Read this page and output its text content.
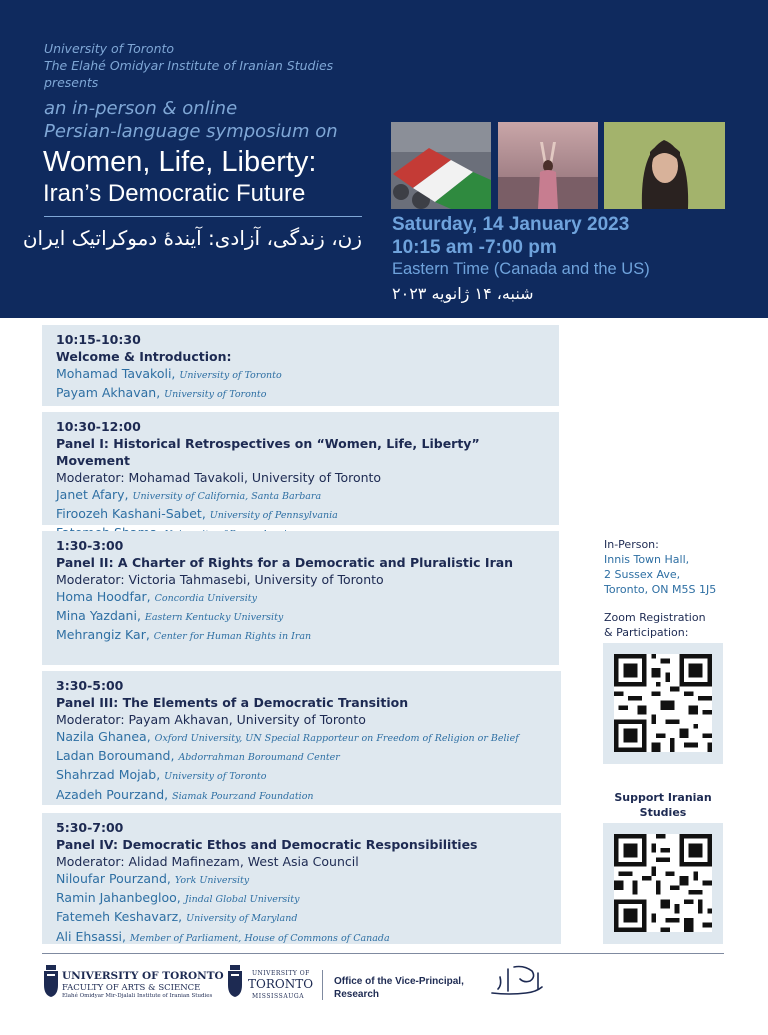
University of Toronto
The Elahé Omidyar Institute of Iranian Studies
presents
an in-person & online
Persian-language symposium on
Women, Life, Liberty:
Iran’s Democratic Future
زن، زندگی، آزادی: آیندۀ دموکراتیک ایران
Saturday, 14 January 2023
10:15 am -7:00 pm
Eastern Time (Canada and the US)
شنبه، ۱۴ ژانویه ۲۰۲۳
10:15-10:30
Welcome & Introduction:
Mohamad Tavakoli, University of Toronto
Payam Akhavan, University of Toronto
10:30-12:00
Panel I: Historical Retrospectives on “Women, Life, Liberty” Movement
Moderator: Mohamad Tavakoli, University of Toronto
Janet Afary, University of California, Santa Barbara
Firoozeh Kashani-Sabet, University of Pennsylvania
1:30-3:00
Panel II: A Charter of Rights for a Democratic and Pluralistic Iran
Moderator: Victoria Tahmasebi, University of Toronto
Homa Hoodfar, Concordia University
Mina Yazdani, Eastern Kentucky University
Mehrangiz Kar, Center for Human Rights in Iran
3:30-5:00
Panel III: The Elements of a Democratic Transition
Moderator: Payam Akhavan, University of Toronto
Nazila Ghanea, Oxford University, UN Special Rapporteur on Freedom of Religion or Belief
Ladan Boroumand, Abdorrahman Boroumand Center
Shahrzad Mojab, University of Toronto
Azadeh Pourzand, Siamak Pourzand Foundation
5:30-7:00
Panel IV: Democratic Ethos and Democratic Responsibilities
Moderator: Alidad Mafinezam, West Asia Council
Niloufar Pourzand, York University
Ramin Jahanbegloo, Jindal Global University
Fatemeh Keshavarz, University of Maryland
Ali Ehsassi, Member of Parliament, House of Commons of Canada
In-Person:
Innis Town Hall,
2 Sussex Ave,
Toronto, ON M5S 1J5
Zoom Registration
& Participation:
Support Iranian
Studies
UNIVERSITY OF TORONTO
FACULTY OF ARTS & SCIENCE
Elahé Omidyar Mir-Djalali Institute of Iranian Studies
UNIVERSITY OF
TORONTO
MISSISSAUGA
Office of the Vice-Principal,
Research
